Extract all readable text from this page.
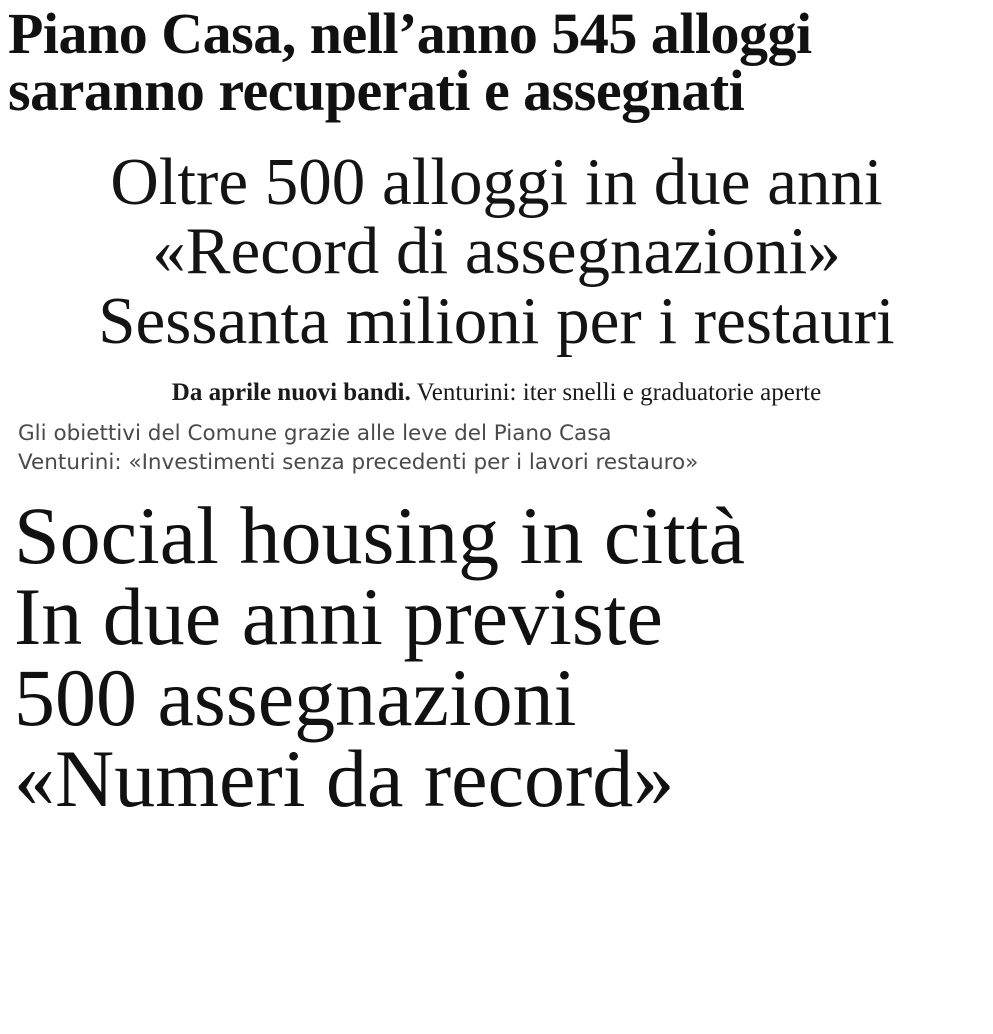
Piano Casa, nell’anno 545 alloggi
saranno recuperati e assegnati
Oltre 500 alloggi in due anni
«Record di assegnazioni»
Sessanta milioni per i restauri
Da aprile nuovi bandi. Venturini: iter snelli e graduatorie aperte
Gli obiettivi del Comune grazie alle leve del Piano Casa
Venturini: «Investimenti senza precedenti per i lavori restauro»
Social housing in città
In due anni previste
500 assegnazioni
«Numeri da record»
